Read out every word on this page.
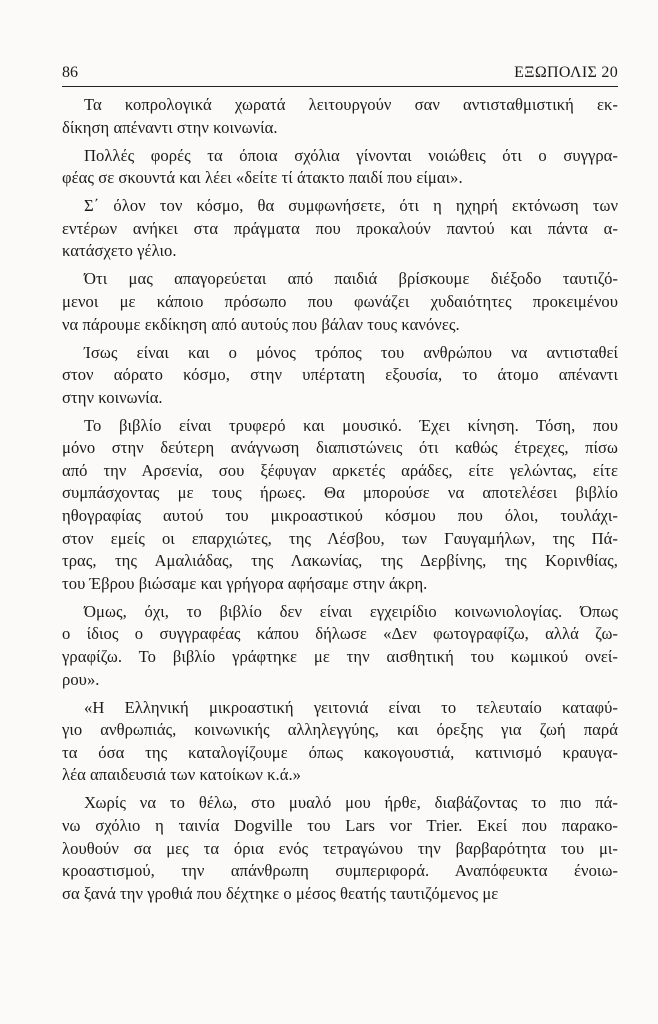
86	ΕΞΩΠΟΛΙΣ 20
Τα κοπρολογικά χωρατά λειτουργούν σαν αντισταθμιστική εκ-
δίκηση απέναντι στην κοινωνία.
Πολλές φορές τα όποια σχόλια γίνονται νοιώθεις ότι ο συγγρα-
φέας σε σκουντά και λέει «δείτε τί άτακτο παιδί που είμαι».
Σ΄ όλον τον κόσμο, θα συμφωνήσετε, ότι η ηχηρή εκτόνωση των
εντέρων ανήκει στα πράγματα που προκαλούν παντού και πάντα α-
κατάσχετο γέλιο.
Ότι μας απαγορεύεται από παιδιά βρίσκουμε διέξοδο ταυτιζό-
μενοι με κάποιο πρόσωπο που φωνάζει χυδαιότητες προκειμένου
να πάρουμε εκδίκηση από αυτούς που βάλαν τους κανόνες.
Ίσως είναι και ο μόνος τρόπος του ανθρώπου να αντισταθεί
στον αόρατο κόσμο, στην υπέρτατη εξουσία, το άτομο απέναντι
στην κοινωνία.
Το βιβλίο είναι τρυφερό και μουσικό. Έχει κίνηση. Τόση, που
μόνο στην δεύτερη ανάγνωση διαπιστώνεις ότι καθώς έτρεχες, πίσω
από την Αρσενία, σου ξέφυγαν αρκετές αράδες, είτε γελώντας, είτε
συμπάσχοντας με τους ήρωες. Θα μπορούσε να αποτελέσει βιβλίο
ηθογραφίας αυτού του μικροαστικού κόσμου που όλοι, τουλάχι-
στον εμείς οι επαρχιώτες, της Λέσβου, των Γαυγαμήλων, της Πά-
τρας, της Αμαλιάδας, της Λακωνίας, της Δερβίνης, της Κορινθίας,
του Έβρου βιώσαμε και γρήγορα αφήσαμε στην άκρη.
Όμως, όχι, το βιβλίο δεν είναι εγχειρίδιο κοινωνιολογίας. Όπως
ο ίδιος ο συγγραφέας κάπου δήλωσε «Δεν φωτογραφίζω, αλλά ζω-
γραφίζω. Το βιβλίο γράφτηκε με την αισθητική του κωμικού ονεί-
ρου».
«Η Ελληνική μικροαστική γειτονιά είναι το τελευταίο καταφύ-
γιο ανθρωπιάς, κοινωνικής αλληλεγγύης, και όρεξης για ζωή παρά
τα όσα της καταλογίζουμε όπως κακογουστιά, κατινισμό κραυγα-
λέα απαιδευσιά των κατοίκων κ.ά.»
Χωρίς να το θέλω, στο μυαλό μου ήρθε, διαβάζοντας το πιο πά-
νω σχόλιο η ταινία Dogville του Lars vor Trier. Εκεί που παρακο-
λουθούν σα μες τα όρια ενός τετραγώνου την βαρβαρότητα του μι-
κροαστισμού, την απάνθρωπη συμπεριφορά. Αναπόφευκτα ένοιω-
σα ξανά την γροθιά που δέχτηκε ο μέσος θεατής ταυτιζόμενος με
